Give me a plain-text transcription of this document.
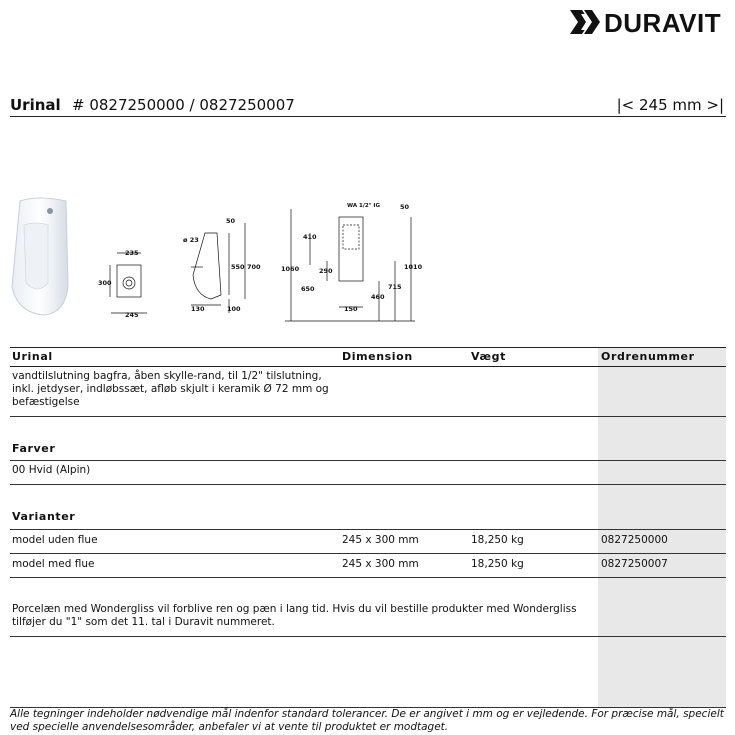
DURAVIT
Urinal # 0827250000 / 0827250007	|< 245 mm >|
235
300
245
ø 23
50
550 700
130	100
WA 1/2" IG	50
410
290
1060
650
460
715
1010
150
Urinal	Dimension	Vægt	Ordrenummer
vandtilslutning bagfra, åben skylle-rand, til 1/2" tilslutning,
inkl. jetdyser, indløbssæt, afløb skjult i keramik Ø 72 mm og
befæstigelse
Farver
00 Hvid (Alpin)
Varianter
model uden flue	245 x 300 mm	18,250 kg	0827250000
model med flue	245 x 300 mm	18,250 kg	0827250007
Porcelæn med Wondergliss vil forblive ren og pæn i lang tid. Hvis du vil bestille produkter med Wondergliss
tilføjer du "1" som det 11. tal i Duravit nummeret.
Alle tegninger indeholder nødvendige mål indenfor standard tolerancer. De er angivet i mm og er vejledende. For præcise mål, specielt
ved specielle anvendelsesområder, anbefaler vi at vente til produktet er modtaget.
